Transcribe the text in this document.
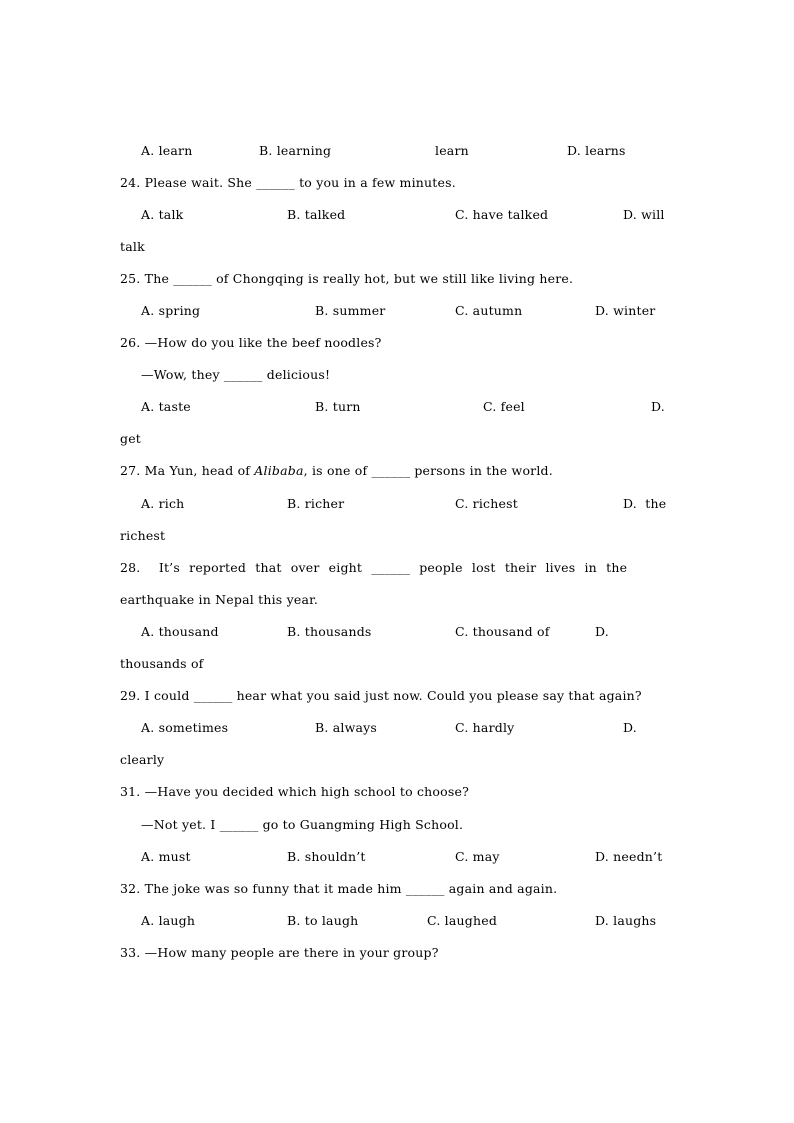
A. learn	B. learning	learn	D. learns
24. Please wait. She ______ to you in a few minutes.
A. talk	B. talked	C. have talked	D. will
talk
25. The ______ of Chongqing is really hot, but we still like living here.
A. spring	B. summer	C. autumn	D. winter
26. —How do you like the beef noodles?
—Wow, they ______ delicious!
A. taste	B. turn	C. feel	D.
get
27. Ma Yun, head of Alibaba, is one of ______ persons in the world.
A. rich	B. richer	C. richest	D.  the
richest
28.  It’s reported that over eight ______ people lost their lives in the
earthquake in Nepal this year.
A. thousand	B. thousands	C. thousand of	D.
thousands of
29. I could ______ hear what you said just now. Could you please say that again?
A. sometimes	B. always	C. hardly	D.
clearly
31. —Have you decided which high school to choose?
—Not yet. I ______ go to Guangming High School.
A. must	B. shouldn’t	C. may	D. needn’t
32. The joke was so funny that it made him ______ again and again.
A. laugh	B. to laugh	C. laughed	D. laughs
33. —How many people are there in your group?
